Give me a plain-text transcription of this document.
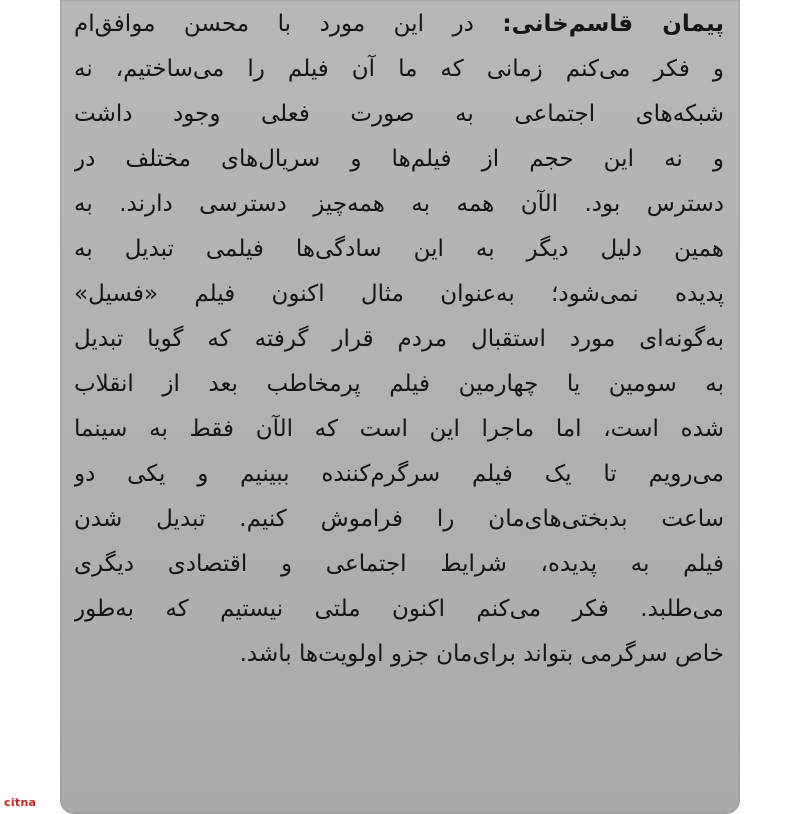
پیمان قاسم‌خانی: در این مورد با محسن موافق‌ام
و فکر می‌کنم زمانی که ما آن فیلم را می‌ساختیم، نه
شبکه‌های اجتماعی به صورت فعلی وجود داشت
و نه این حجم از فیلم‌ها و سریال‌های مختلف در
دسترس بود. الآن همه به همه‌چیز دسترسی دارند. به
همین دلیل دیگر به این سادگی‌ها فیلمی تبدیل به
پدیده نمی‌شود؛ به‌عنوان مثال اکنون فیلم «فسیل»
به‌گونه‌ای مورد استقبال مردم قرار گرفته که گویا تبدیل
به سومین یا چهارمین فیلم پرمخاطب بعد از انقلاب
شده است، اما ماجرا این است که الآن فقط به سینما
می‌رویم تا یک فیلم سرگرم‌کننده ببینیم و یکی دو
ساعت بدبختی‌های‌مان را فراموش کنیم. تبدیل شدن
فیلم به پدیده، شرایط اجتماعی و اقتصادی دیگری
می‌طلبد. فکر می‌کنم اکنون ملتی نیستیم که به‌طور
خاص سرگرمی بتواند برای‌مان جزو اولویت‌ها باشد.
citna
